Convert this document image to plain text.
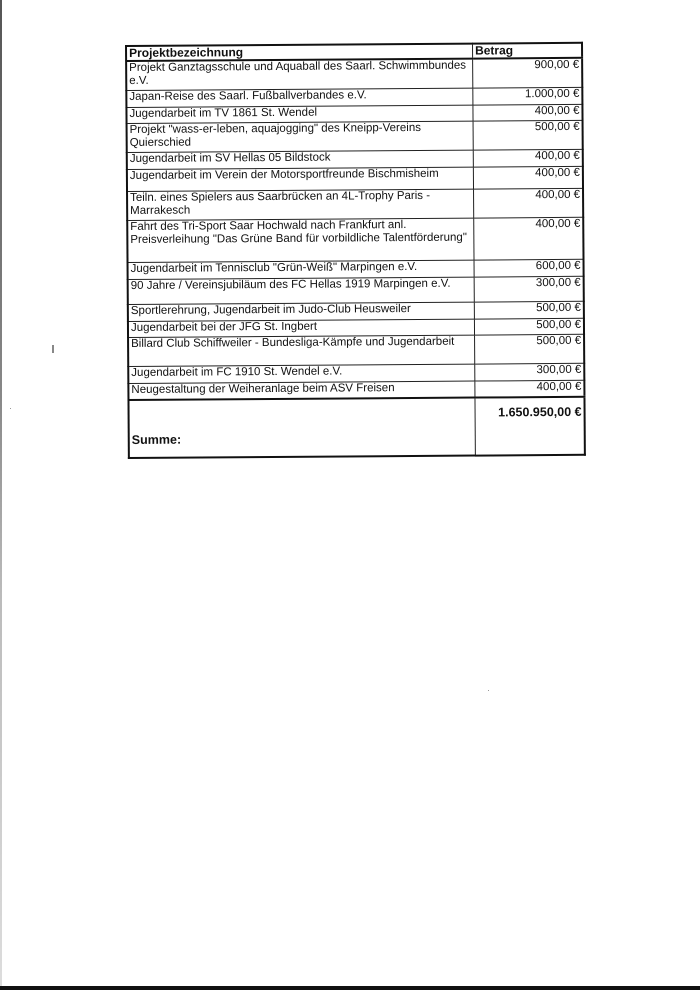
Projektbezeichnung	Betrag
Projekt Ganztagsschule und Aquaball des Saarl. Schwimmbundes e.V.	900,00 €
Japan-Reise des Saarl. Fußballverbandes e.V.	1.000,00 €
Jugendarbeit im TV 1861 St. Wendel	400,00 €
Projekt "wass-er-leben, aquajogging" des Kneipp-Vereins Quierschied	500,00 €
Jugendarbeit im SV Hellas 05 Bildstock	400,00 €
Jugendarbeit im Verein der Motorsportfreunde Bischmisheim	400,00 €
Teiln. eines Spielers aus Saarbrücken an 4L-Trophy Paris - Marrakesch	400,00 €
Fahrt des Tri-Sport Saar Hochwald nach Frankfurt anl. Preisverleihung "Das Grüne Band für vorbildliche Talentförderung"	400,00 €
Jugendarbeit im Tennisclub "Grün-Weiß" Marpingen e.V.	600,00 €
90 Jahre / Vereinsjubiläum des FC Hellas 1919 Marpingen e.V.	300,00 €
Sportlerehrung, Jugendarbeit im Judo-Club Heusweiler	500,00 €
Jugendarbeit bei der JFG St. Ingbert	500,00 €
Billard Club Schiffweiler - Bundesliga-Kämpfe und Jugendarbeit	500,00 €
Jugendarbeit im FC 1910 St. Wendel e.V.	300,00 €
Neugestaltung der Weiheranlage beim ASV Freisen	400,00 €
Summe:	1.650.950,00 €
